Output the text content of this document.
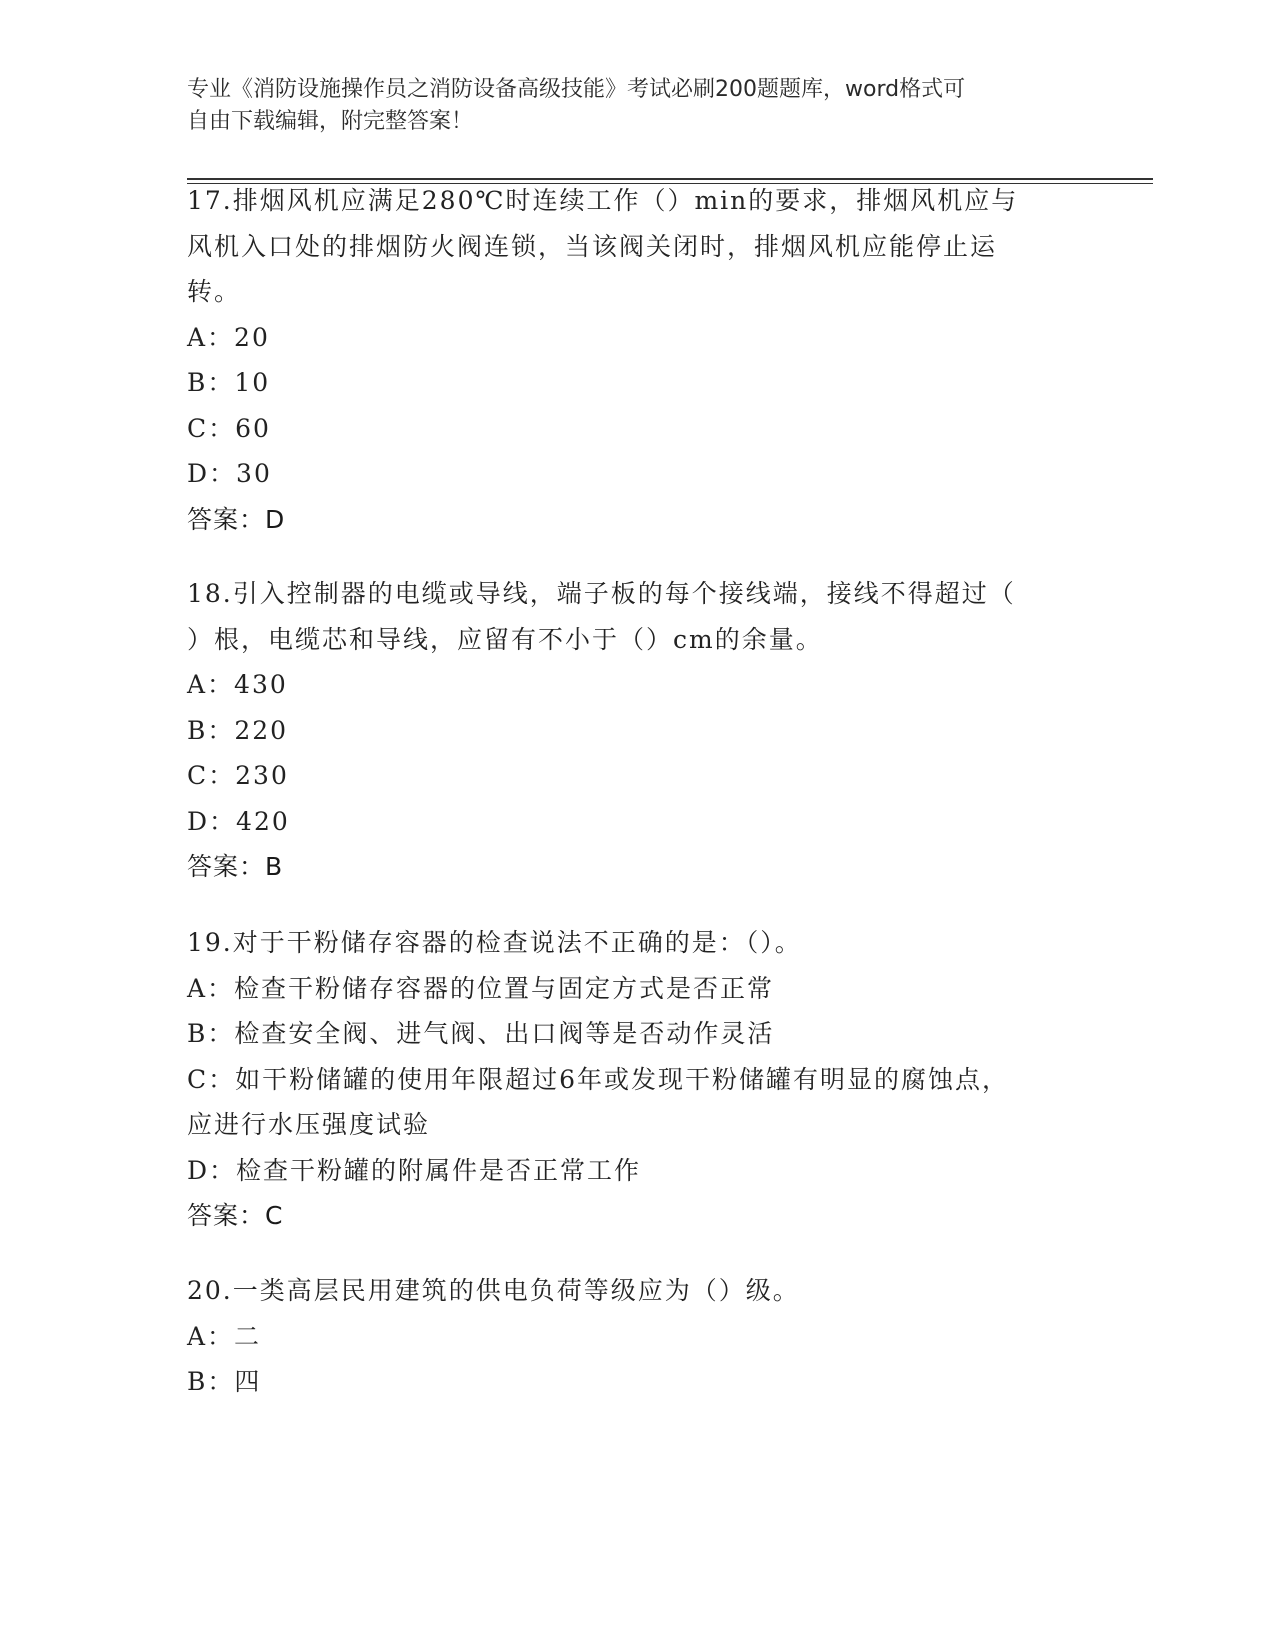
专业《消防设施操作员之消防设备高级技能》考试必刷200题题库，word格式可
自由下载编辑，附完整答案！

17.排烟风机应满足280℃时连续工作（）min的要求，排烟风机应与

风机入口处的排烟防火阀连锁，当该阀关闭时，排烟风机应能停止运

转。

A：20

B：10

C：60

D：30

答案：D

18.引入控制器的电缆或导线，端子板的每个接线端，接线不得超过（

）根，电缆芯和导线，应留有不小于（）cm的余量。

A：430

B：220

C：230

D：420

答案：B

19.对于干粉储存容器的检查说法不正确的是：（）。

A：检查干粉储存容器的位置与固定方式是否正常

B：检查安全阀、进气阀、出口阀等是否动作灵活

C：如干粉储罐的使用年限超过6年或发现干粉储罐有明显的腐蚀点，

应进行水压强度试验

D：检查干粉罐的附属件是否正常工作

答案：C

20.一类高层民用建筑的供电负荷等级应为（）级。

A：二

B：四
